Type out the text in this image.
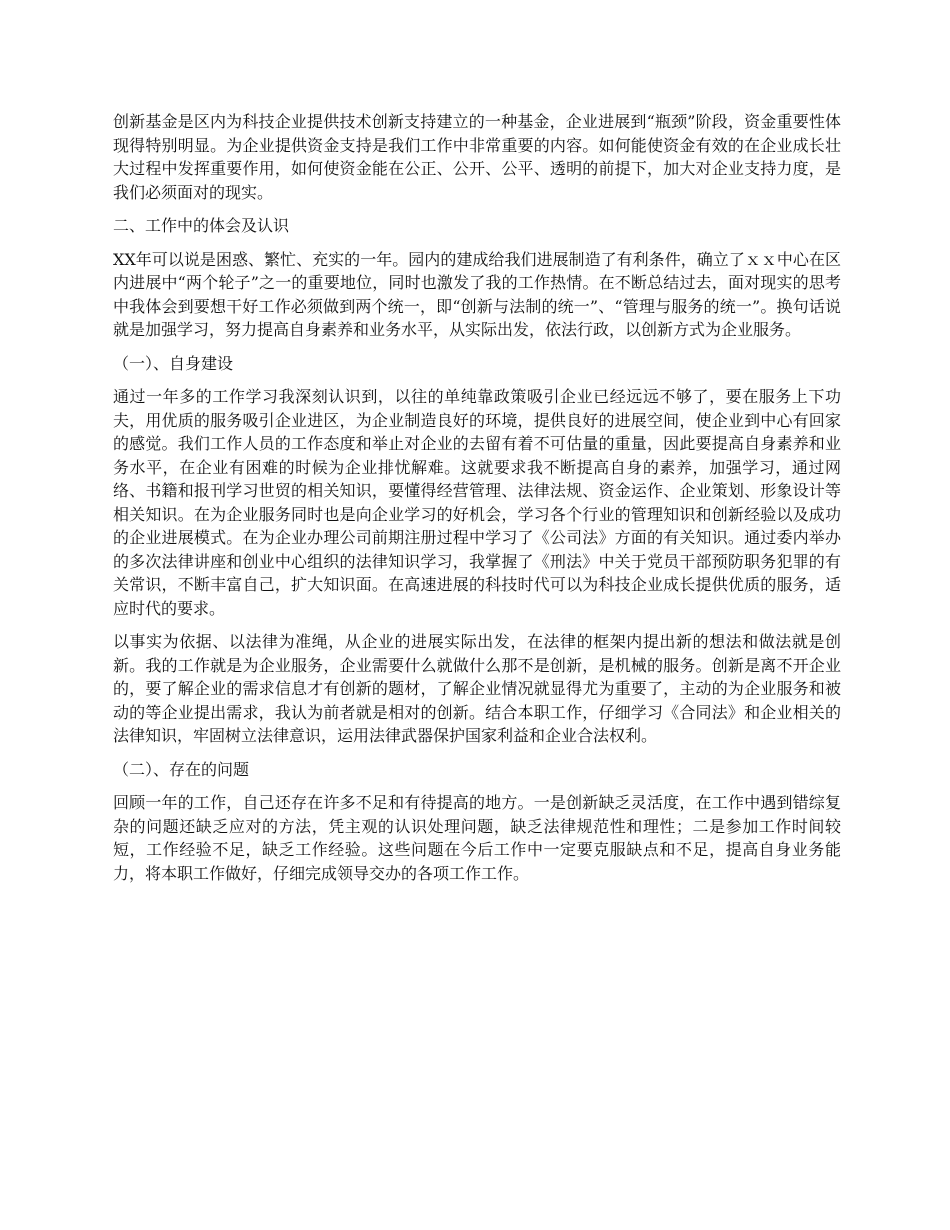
创新基金是区内为科技企业提供技术创新支持建立的一种基金，企业进展到“瓶颈”阶段，资金重要性体现得特别明显。为企业提供资金支持是我们工作中非常重要的内容。如何能使资金有效的在企业成长壮大过程中发挥重要作用，如何使资金能在公正、公开、公平、透明的前提下，加大对企业支持力度，是我们必须面对的现实。

二、工作中的体会及认识

XX年可以说是困惑、繁忙、充实的一年。园内的建成给我们进展制造了有利条件，确立了ｘｘ中心在区内进展中“两个轮子”之一的重要地位，同时也激发了我的工作热情。在不断总结过去，面对现实的思考中我体会到要想干好工作必须做到两个统一，即“创新与法制的统一”、“管理与服务的统一”。换句话说就是加强学习，努力提高自身素养和业务水平，从实际出发，依法行政，以创新方式为企业服务。

（一）、自身建设

通过一年多的工作学习我深刻认识到，以往的单纯靠政策吸引企业已经远远不够了，要在服务上下功夫，用优质的服务吸引企业进区，为企业制造良好的环境，提供良好的进展空间，使企业到中心有回家的感觉。我们工作人员的工作态度和举止对企业的去留有着不可估量的重量，因此要提高自身素养和业务水平，在企业有困难的时候为企业排忧解难。这就要求我不断提高自身的素养，加强学习，通过网络、书籍和报刊学习世贸的相关知识，要懂得经营管理、法律法规、资金运作、企业策划、形象设计等相关知识。在为企业服务同时也是向企业学习的好机会，学习各个行业的管理知识和创新经验以及成功的企业进展模式。在为企业办理公司前期注册过程中学习了《公司法》方面的有关知识。通过委内举办的多次法律讲座和创业中心组织的法律知识学习，我掌握了《刑法》中关于党员干部预防职务犯罪的有关常识，不断丰富自己，扩大知识面。在高速进展的科技时代可以为科技企业成长提供优质的服务，适应时代的要求。

以事实为依据、以法律为准绳，从企业的进展实际出发，在法律的框架内提出新的想法和做法就是创新。我的工作就是为企业服务，企业需要什么就做什么那不是创新，是机械的服务。创新是离不开企业的，要了解企业的需求信息才有创新的题材，了解企业情况就显得尤为重要了，主动的为企业服务和被动的等企业提出需求，我认为前者就是相对的创新。结合本职工作，仔细学习《合同法》和企业相关的法律知识，牢固树立法律意识，运用法律武器保护国家利益和企业合法权利。

（二）、存在的问题

回顾一年的工作，自己还存在许多不足和有待提高的地方。一是创新缺乏灵活度，在工作中遇到错综复杂的问题还缺乏应对的方法，凭主观的认识处理问题，缺乏法律规范性和理性；二是参加工作时间较短，工作经验不足，缺乏工作经验。这些问题在今后工作中一定要克服缺点和不足，提高自身业务能力，将本职工作做好，仔细完成领导交办的各项工作工作。
